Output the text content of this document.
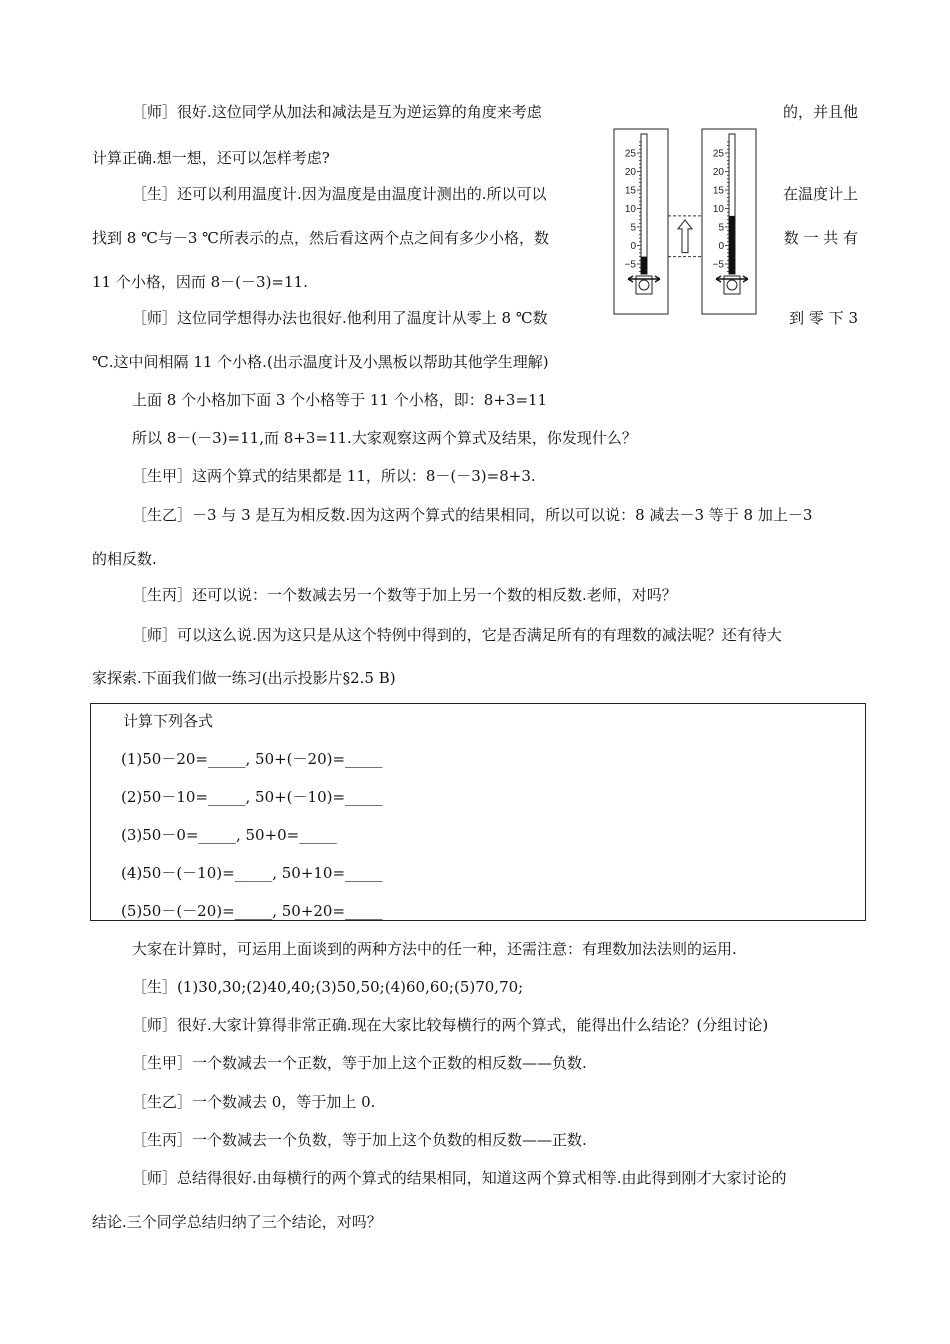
［师］很好.这位同学从加法和减法是互为逆运算的角度来考虑	的，并且他
计算正确.想一想，还可以怎样考虑?
［生］还可以利用温度计.因为温度是由温度计测出的.所以可以	在温度计上
找到 8 ℃与－3 ℃所表示的点，然后看这两个点之间有多少小格，数	数 一 共 有
11 个小格，因而 8－(－3)=11.
［师］这位同学想得办法也很好.他利用了温度计从零上 8 ℃数	到 零 下 3
℃.这中间相隔 11 个小格.(出示温度计及小黑板以帮助其他学生理解)
25
20
15
10
5
0
−5
25
20
15
10
5
0
−5
上面 8 个小格加下面 3 个小格等于 11 个小格，即：8+3=11
所以 8－(－3)=11,而 8+3=11.大家观察这两个算式及结果，你发现什么？
［生甲］这两个算式的结果都是 11，所以：8－(－3)=8+3.
［生乙］－3 与 3 是互为相反数.因为这两个算式的结果相同，所以可以说：8 减去－3 等于 8 加上－3
的相反数.
［生丙］还可以说：一个数减去另一个数等于加上另一个数的相反数.老师，对吗？
［师］可以这么说.因为这只是从这个特例中得到的，它是否满足所有的有理数的减法呢？还有待大
家探索.下面我们做一练习(出示投影片§2.5 B)
计算下列各式
(1)50－20=_____, 50+(－20)=_____
(2)50－10=_____, 50+(－10)=_____
(3)50－0=_____, 50+0=_____
(4)50－(－10)=_____, 50+10=_____
(5)50－(－20)=_____, 50+20=_____
大家在计算时，可运用上面谈到的两种方法中的任一种，还需注意：有理数加法法则的运用.
［生］(1)30,30;(2)40,40;(3)50,50;(4)60,60;(5)70,70;
［师］很好.大家计算得非常正确.现在大家比较每横行的两个算式，能得出什么结论？(分组讨论)
［生甲］一个数减去一个正数，等于加上这个正数的相反数——负数.
［生乙］一个数减去 0，等于加上 0.
［生丙］一个数减去一个负数，等于加上这个负数的相反数——正数.
［师］总结得很好.由每横行的两个算式的结果相同，知道这两个算式相等.由此得到刚才大家讨论的
结论.三个同学总结归纳了三个结论，对吗？
